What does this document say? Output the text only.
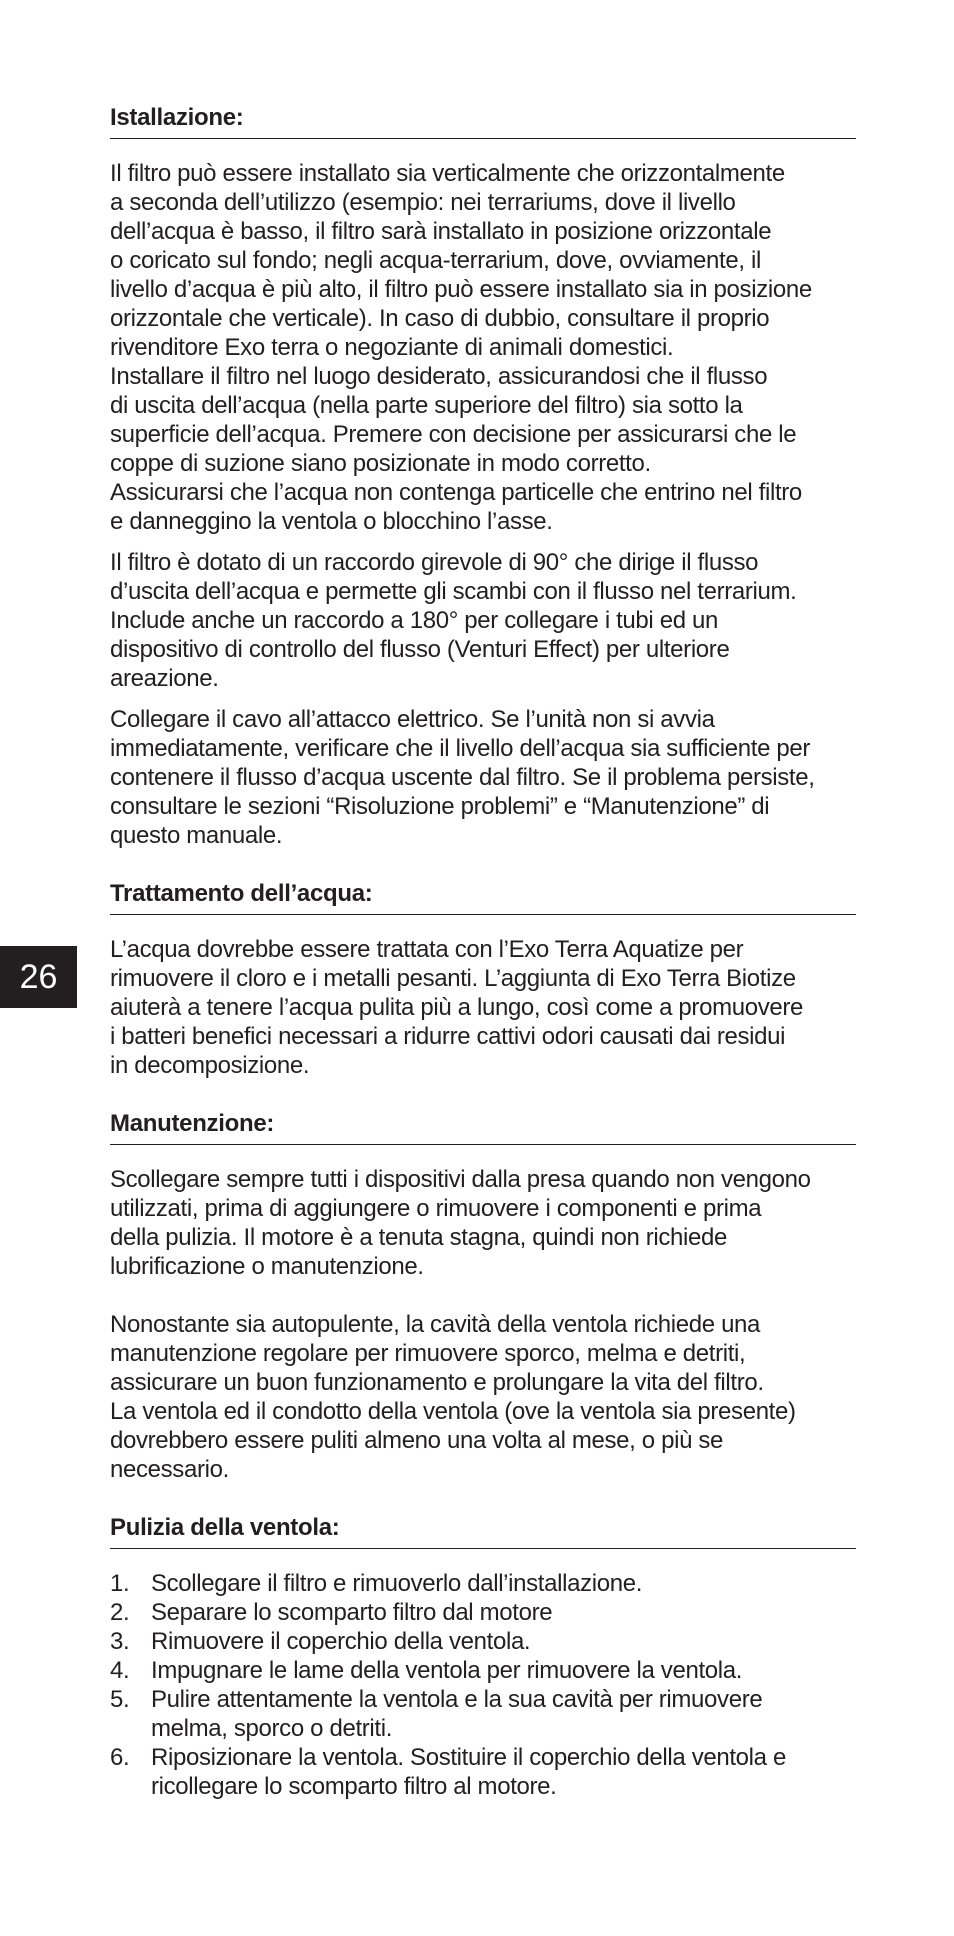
26
Istallazione:

Il filtro può essere installato sia verticalmente che orizzontalmente
a seconda dell’utilizzo (esempio: nei terrariums, dove il livello
dell’acqua è basso, il filtro sarà installato in posizione orizzontale
o coricato sul fondo; negli acqua-terrarium, dove, ovviamente, il
livello d’acqua è più alto, il filtro può essere installato sia in posizione
orizzontale che verticale). In caso di dubbio, consultare il proprio
rivenditore Exo terra o negoziante di animali domestici.
Installare il filtro nel luogo desiderato, assicurandosi che il flusso
di uscita dell’acqua (nella parte superiore del filtro) sia sotto la
superficie dell’acqua. Premere con decisione per assicurarsi che le
coppe di suzione siano posizionate in modo corretto.
Assicurarsi che l’acqua non contenga particelle che entrino nel filtro
e danneggino la ventola o blocchino l’asse.

Il filtro è dotato di un raccordo girevole di 90° che dirige il flusso
d’uscita dell’acqua e permette gli scambi con il flusso nel terrarium.
Include anche un raccordo a 180° per collegare i tubi ed un
dispositivo di controllo del flusso (Venturi Effect) per ulteriore
areazione.

Collegare il cavo all’attacco elettrico. Se l’unità non si avvia
immediatamente, verificare che il livello dell’acqua sia sufficiente per
contenere il flusso d’acqua uscente dal filtro. Se il problema persiste,
consultare le sezioni “Risoluzione problemi” e “Manutenzione” di
questo manuale.

Trattamento dell’acqua:

L’acqua dovrebbe essere trattata con l’Exo Terra Aquatize per
rimuovere il cloro e i metalli pesanti. L’aggiunta di Exo Terra Biotize
aiuterà a tenere l’acqua pulita più a lungo, così come a promuovere
i batteri benefici necessari a ridurre cattivi odori causati dai residui
in decomposizione.

Manutenzione:

Scollegare sempre tutti i dispositivi dalla presa quando non vengono
utilizzati, prima di aggiungere o rimuovere i componenti e prima
della pulizia. Il motore è a tenuta stagna, quindi non richiede
lubrificazione o manutenzione.

Nonostante sia autopulente, la cavità della ventola richiede una
manutenzione regolare per rimuovere sporco, melma e detriti,
assicurare un buon funzionamento e prolungare la vita del filtro.
La ventola ed il condotto della ventola (ove la ventola sia presente)
dovrebbero essere puliti almeno una volta al mese, o più se
necessario.

Pulizia della ventola:
1. Scollegare il filtro e rimuoverlo dall’installazione.
2. Separare lo scomparto filtro dal motore
3. Rimuovere il coperchio della ventola.
4. Impugnare le lame della ventola per rimuovere la ventola.
5. Pulire attentamente la ventola e la sua cavità per rimuovere
melma, sporco o detriti.
6. Riposizionare la ventola. Sostituire il coperchio della ventola e
ricollegare lo scomparto filtro al motore.
